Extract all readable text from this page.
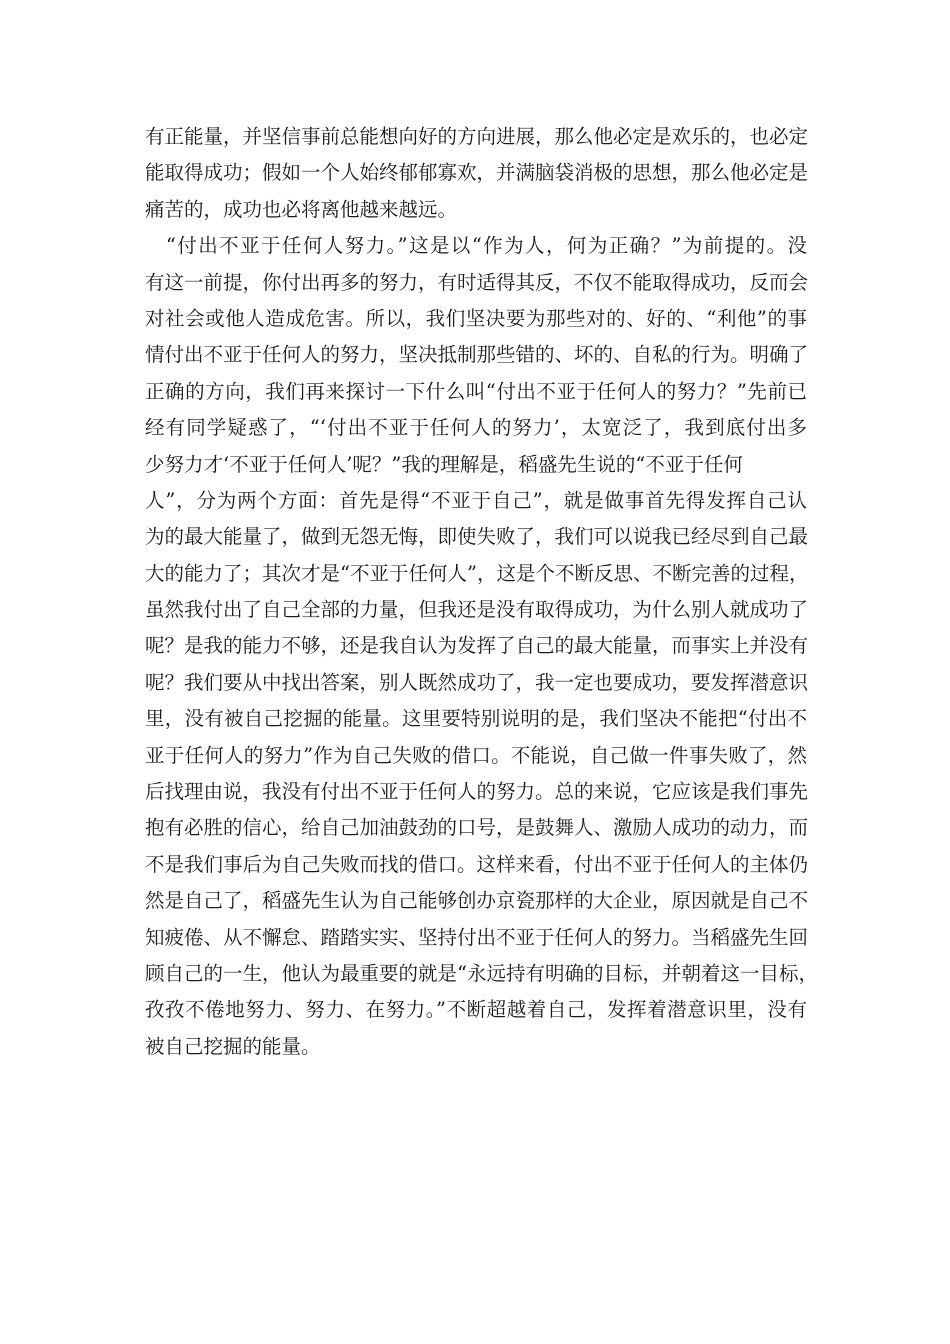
有正能量，并坚信事前总能想向好的方向进展，那么他必定是欢乐的，也必定
能取得成功；假如一个人始终郁郁寡欢，并满脑袋消极的思想，那么他必定是
痛苦的，成功也必将离他越来越远。
　“付出不亚于任何人努力。”这是以“作为人，何为正确？”为前提的。没
有这一前提，你付出再多的努力，有时适得其反，不仅不能取得成功，反而会
对社会或他人造成危害。所以，我们坚决要为那些对的、好的、“利他”的事
情付出不亚于任何人的努力，坚决抵制那些错的、坏的、自私的行为。明确了
正确的方向，我们再来探讨一下什么叫“付出不亚于任何人的努力？”先前已
经有同学疑惑了，“‘付出不亚于任何人的努力’，太宽泛了，我到底付出多
少努力才‘不亚于任何人’呢？”我的理解是，稻盛先生说的“不亚于任何
人”，分为两个方面：首先是得“不亚于自己”，就是做事首先得发挥自己认
为的最大能量了，做到无怨无悔，即使失败了，我们可以说我已经尽到自己最
大的能力了；其次才是“不亚于任何人”，这是个不断反思、不断完善的过程，
虽然我付出了自己全部的力量，但我还是没有取得成功，为什么别人就成功了
呢？是我的能力不够，还是我自认为发挥了自己的最大能量，而事实上并没有
呢？我们要从中找出答案，别人既然成功了，我一定也要成功，要发挥潜意识
里，没有被自己挖掘的能量。这里要特别说明的是，我们坚决不能把“付出不
亚于任何人的努力”作为自己失败的借口。不能说，自己做一件事失败了，然
后找理由说，我没有付出不亚于任何人的努力。总的来说，它应该是我们事先
抱有必胜的信心，给自己加油鼓劲的口号，是鼓舞人、激励人成功的动力，而
不是我们事后为自己失败而找的借口。这样来看，付出不亚于任何人的主体仍
然是自己了，稻盛先生认为自己能够创办京瓷那样的大企业，原因就是自己不
知疲倦、从不懈怠、踏踏实实、坚持付出不亚于任何人的努力。当稻盛先生回
顾自己的一生，他认为最重要的就是“永远持有明确的目标，并朝着这一目标，
孜孜不倦地努力、努力、在努力。”不断超越着自己，发挥着潜意识里，没有
被自己挖掘的能量。
